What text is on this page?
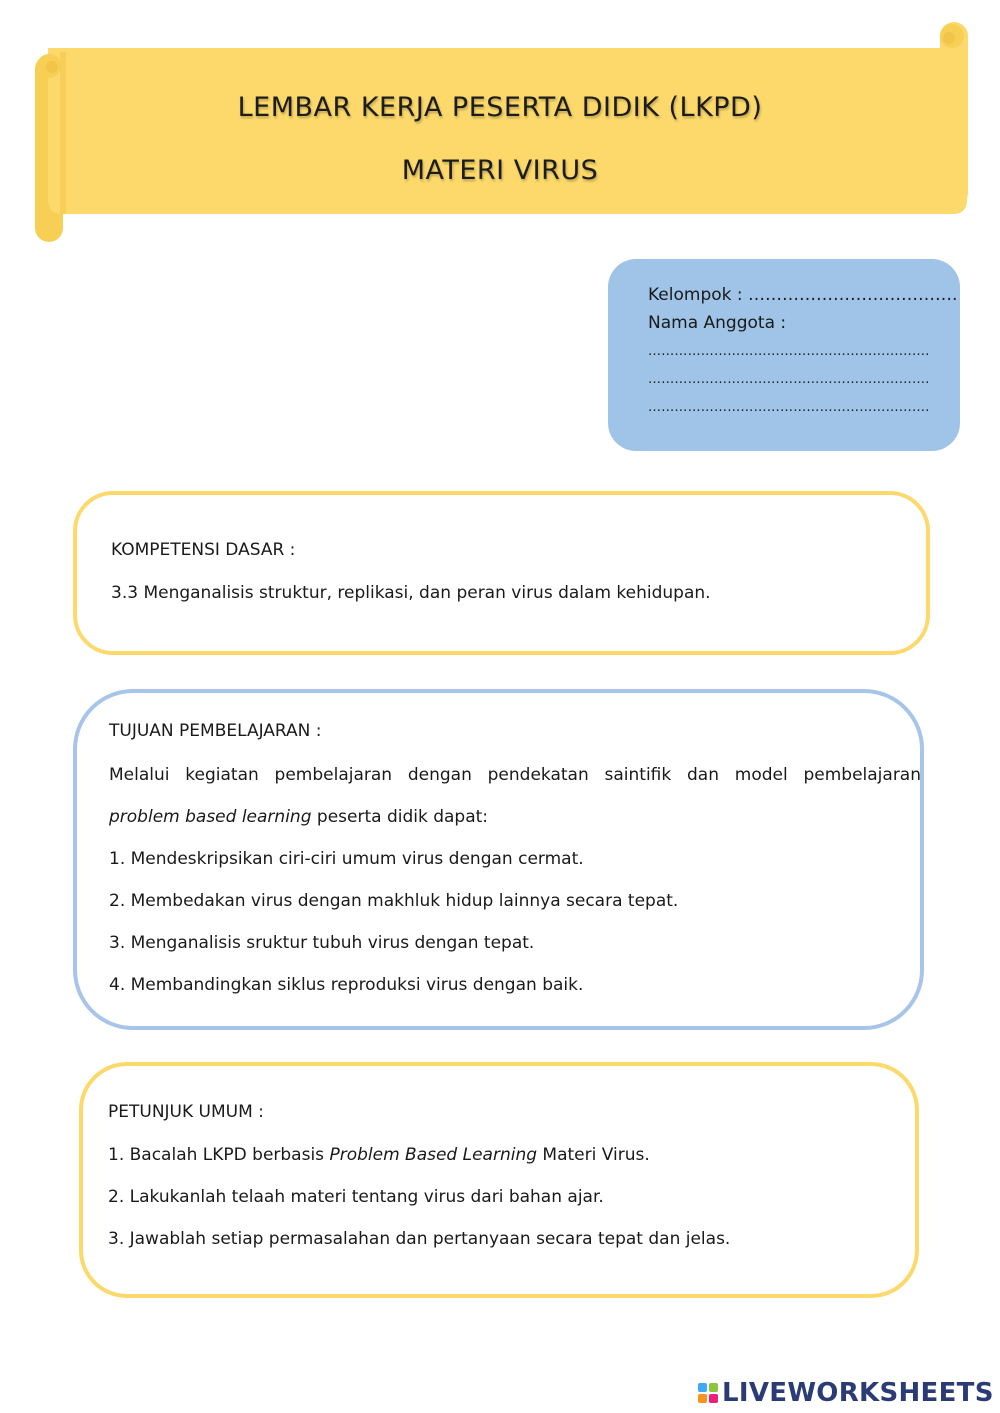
LEMBAR KERJA PESERTA DIDIK (LKPD)
MATERI VIRUS
Kelompok : ……………………………….
Nama Anggota :
……………………………………………………….
……………………………………………………….
……………………………………………………….
KOMPETENSI DASAR :
3.3 Menganalisis struktur, replikasi, dan peran virus dalam kehidupan.
TUJUAN PEMBELAJARAN :
Melalui kegiatan pembelajaran dengan pendekatan saintifik dan model pembelajaran
problem based learning peserta didik dapat:
1. Mendeskripsikan ciri-ciri umum virus dengan cermat.
2. Membedakan virus dengan makhluk hidup lainnya secara tepat.
3. Menganalisis sruktur tubuh virus dengan tepat.
4. Membandingkan siklus reproduksi virus dengan baik.
PETUNJUK UMUM :
1. Bacalah LKPD berbasis Problem Based Learning Materi Virus.
2. Lakukanlah telaah materi tentang virus dari bahan ajar.
3. Jawablah setiap permasalahan dan pertanyaan secara tepat dan jelas.
LIVEWORKSHEETS
